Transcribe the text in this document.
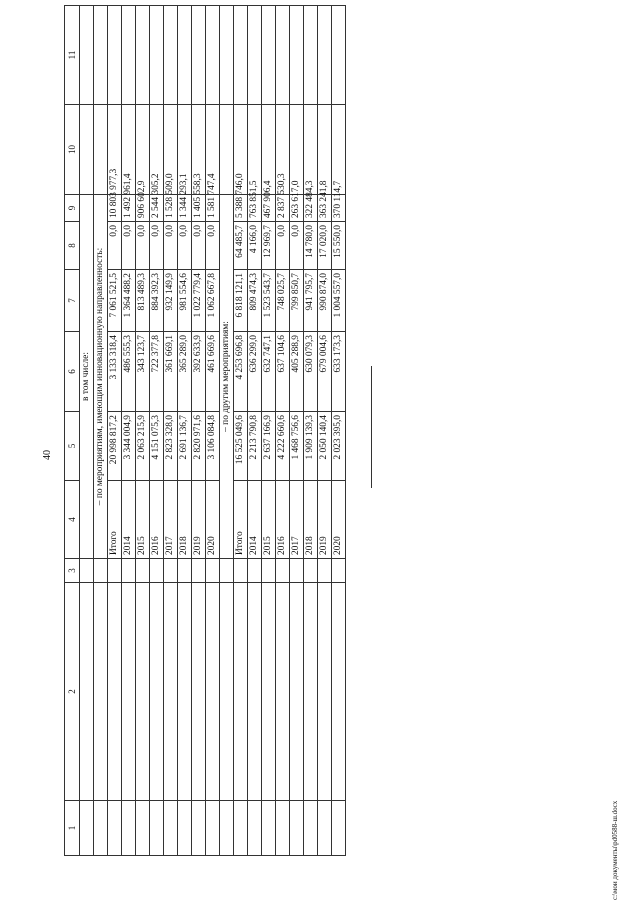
40
c:\мои документы\pd0588-ш.docx
1	2	3	4	5	6	7	8	9	10	11
			в том числе:							
			– по мероприятиям, имеющим инновационную направленность:							
			Итого	20 998 817,2	3 133 318,4	7 061 521,5	0,0	10 803 977,3		
			2014	3 344 004,9	486 555,3	1 364 488,2	0,0	1 492 961,4		
			2015	2 063 215,9	343 123,7	813 489,3	0,0	906 602,9		
			2016	4 151 075,3	722 377,8	884 392,3	0,0	2 544 305,2		
			2017	2 823 328,0	361 669,1	932 149,9	0,0	1 528 509,0		
			2018	2 691 136,7	365 289,0	981 554,6	0,0	1 344 293,1		
			2019	2 820 971,6	392 633,9	1 022 779,4	0,0	1 405 558,3		
			2020	3 106 084,8	461 669,6	1 062 667,8	0,0	1 581 747,4		
			– по другим мероприятиям:							
			Итого	16 525 049,6	4 253 696,8	6 818 121,1	64 485,7	5 388 746,0		
			2014	2 213 790,8	636 299,0	809 474,3	4 166,0	763 851,5		
			2015	2 637 166,9	632 747,1	1 523 543,7	12 969,7	467 906,4		
			2016	4 222 660,6	637 104,6	748 025,7	0,0	2 837 530,3		
			2017	1 468 756,6	405 288,9	799 850,7	0,0	263 617,0		
			2018	1 909 139,3	630 079,3	941 795,7	14 780,0	322 484,3		
			2019	2 050 140,4	679 004,6	990 874,0	17 020,0	363 241,8		
			2020	2 023 395,0	633 173,3	1 004 557,0	15 550,0	370 114,7		
